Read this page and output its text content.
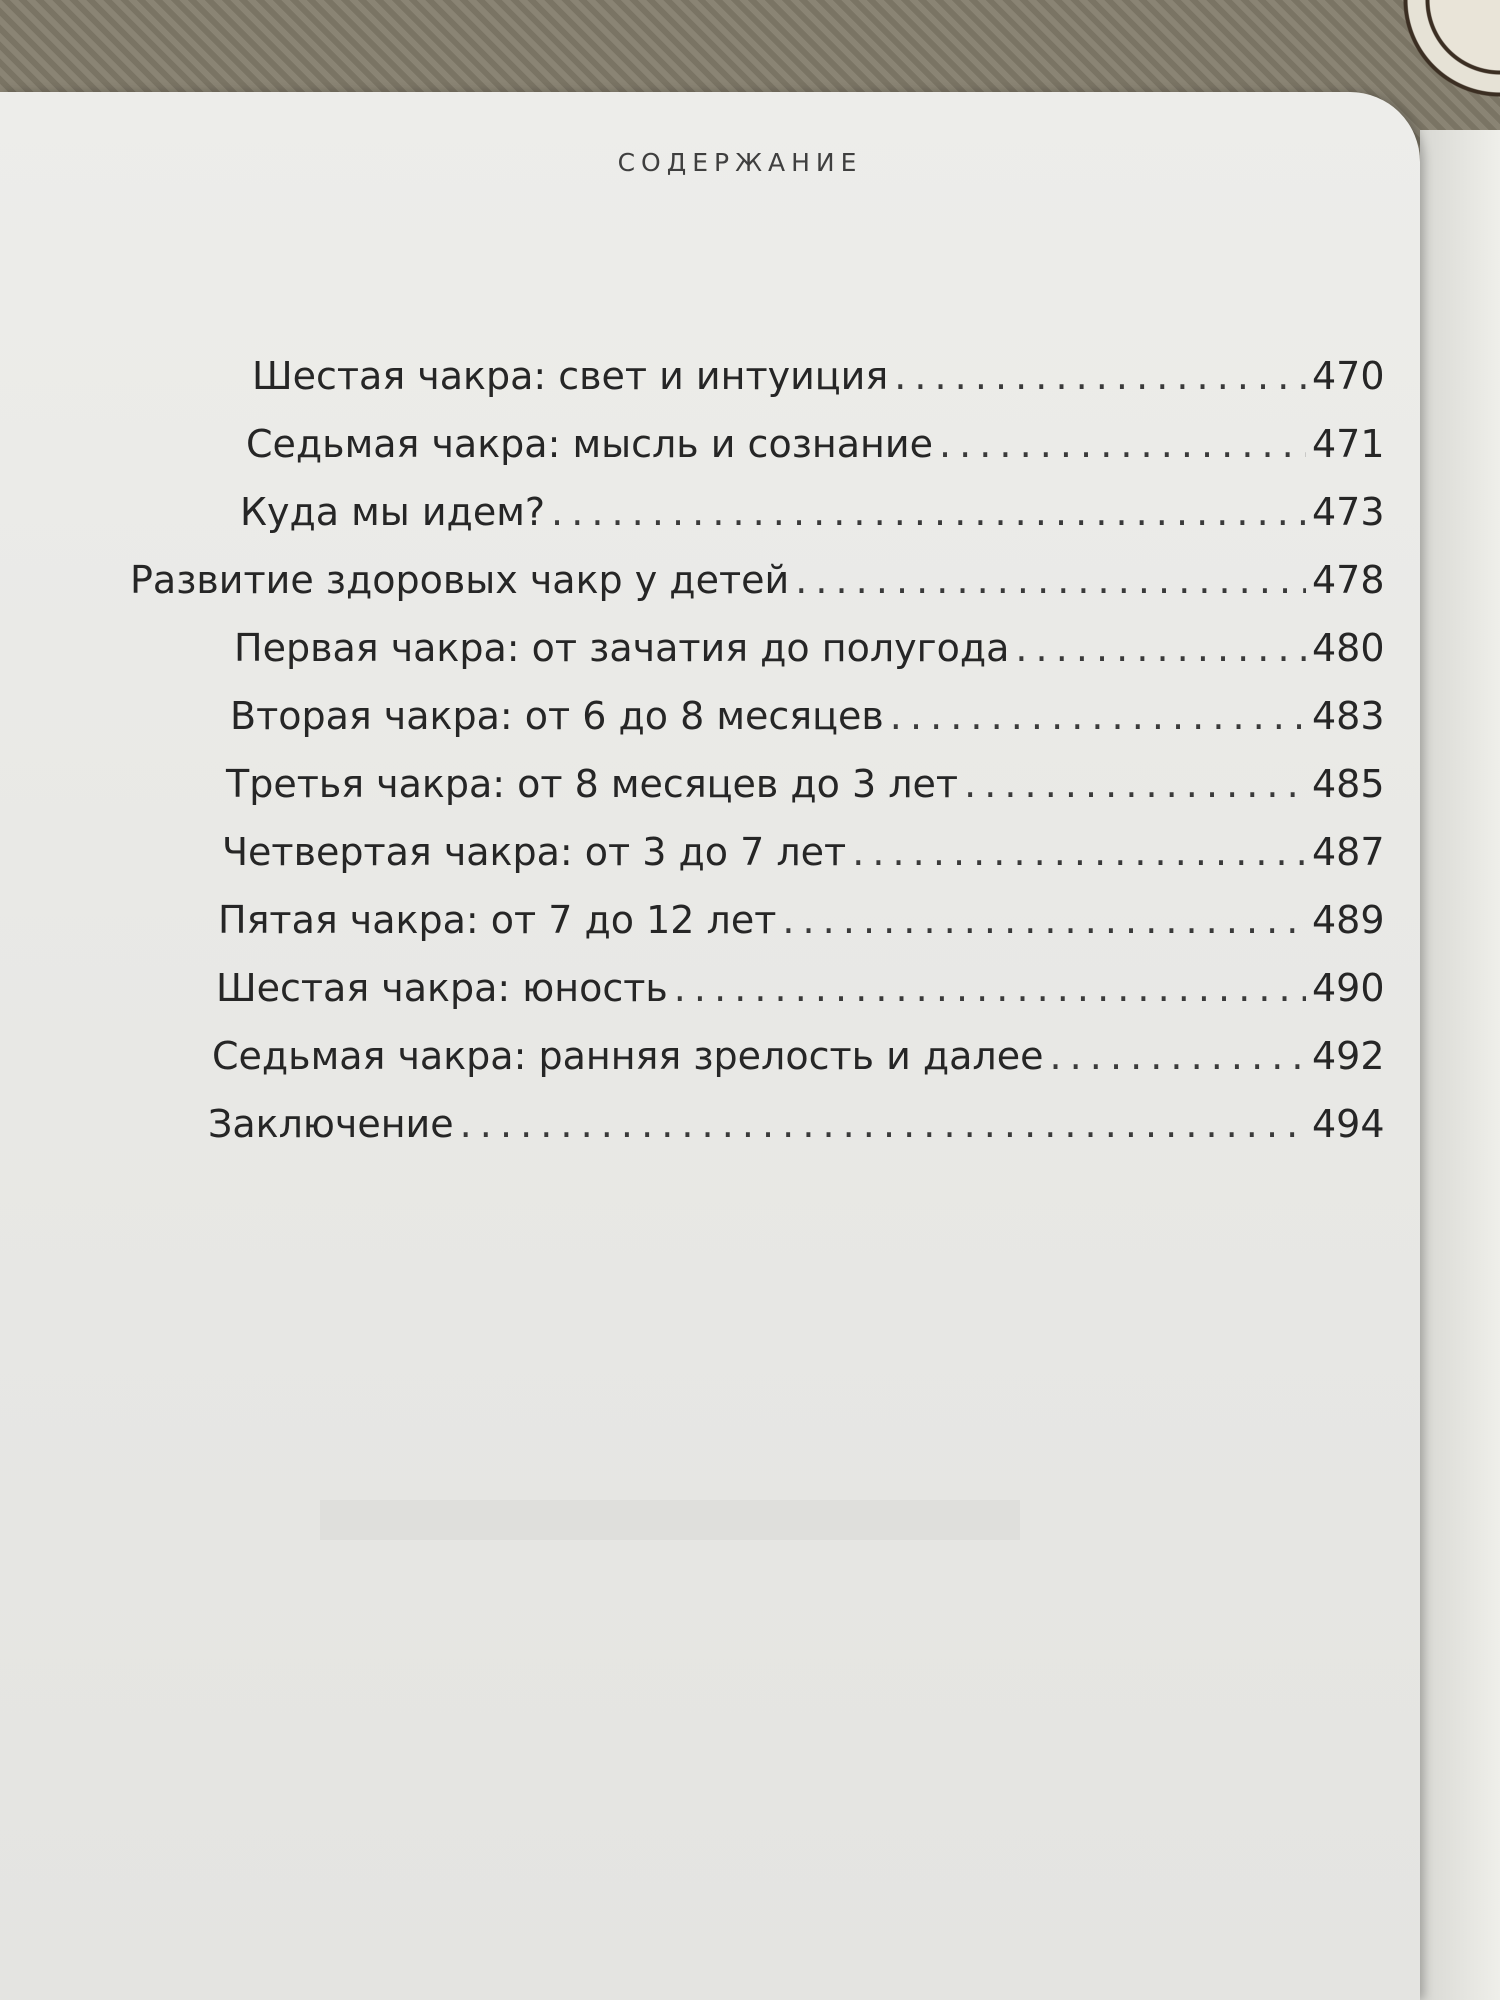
СОДЕРЖАНИЕ
Шестая чакра: свет и интуиция . . .	470
Седьмая чакра: мысль и сознание . . .	471
Куда мы идем? . . .	473
Развитие здоровых чакр у детей . . .	478
Первая чакра: от зачатия до полугода . . .	480
Вторая чакра: от 6 до 8 месяцев . . .	483
Третья чакра: от 8 месяцев до 3 лет . . .	485
Четвертая чакра: от 3 до 7 лет . . .	487
Пятая чакра: от 7 до 12 лет . . .	489
Шестая чакра: юность . . .	490
Седьмая чакра: ранняя зрелость и далее . . .	492
Заключение . . .	494
